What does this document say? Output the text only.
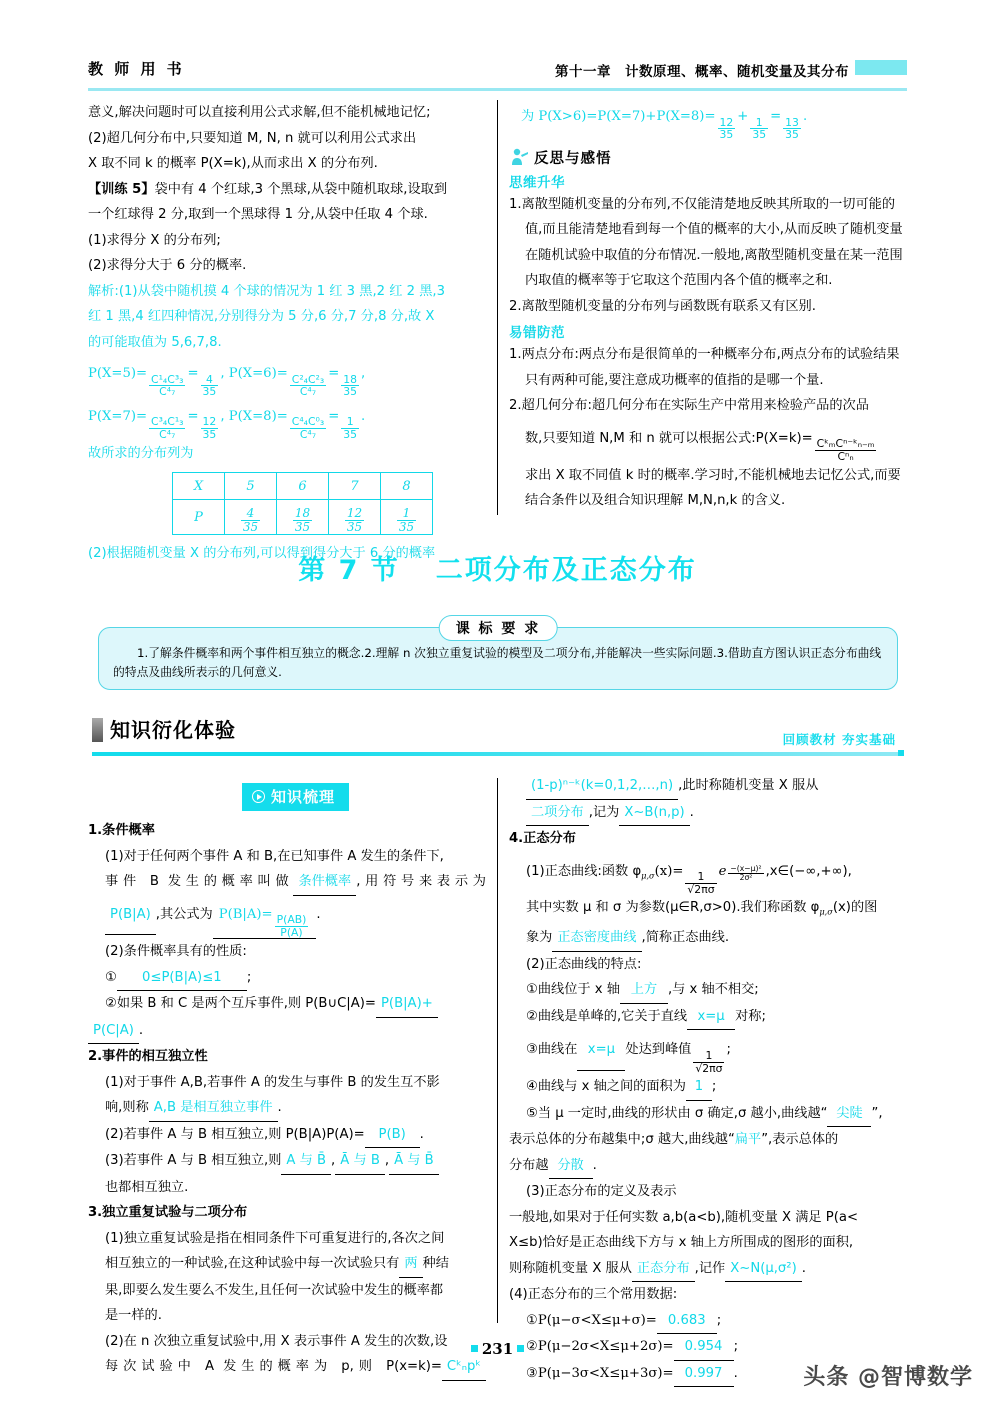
教 师 用 书	第十一章　计数原理、概率、随机变量及其分布
意义,解决问题时可以直接利用公式求解,但不能机械地记忆;
(2)超几何分布中,只要知道 M, N, n 就可以利用公式求出
X 取不同 k 的概率 P(X=k),从而求出 X 的分布列.
【训练 5】袋中有 4 个红球,3 个黑球,从袋中随机取球,设取到
一个红球得 2 分,取到一个黑球得 1 分,从袋中任取 4 个球.
(1)求得分 X 的分布列;
(2)求得分大于 6 分的概率.
解析:(1)从袋中随机摸 4 个球的情况为 1 红 3 黑,2 红 2 黑,3
红 1 黑,4 红四种情况,分别得分为 5 分,6 分,7 分,8 分,故 X
的可能取值为 5,6,7,8.
P(X=5)=
$\frac{\text{C¹₄C³₃}}{\text{C⁴₇}}$
=
$\frac{4}{35}$
, P(X=6)=
$\frac{\text{C²₄C²₃}}{\text{C⁴₇}}$
=
$\frac{18}{35}$
,
P(X=7)=
$\frac{\text{C³₄C¹₃}}{\text{C⁴₇}}$
=
$\frac{12}{35}$
, P(X=8)=
$\frac{\text{C⁴₄C⁰₃}}{\text{C⁴₇}}$
=
$\frac{1}{35}$
.
故所求的分布列为
X	5	6	7	8
P	$\frac{4}{35}$	$\frac{18}{35}$	$\frac{12}{35}$	$\frac{1}{35}$
(2)根据随机变量 X 的分布列,可以得到得分大于 6 分的概率
为 P(X>6)=P(X=7)+P(X=8)=
$\frac{12}{35}$
+
$\frac{1}{35}$
=
$\frac{13}{35}$
.
反思与感悟
思维升华
1.离散型随机变量的分布列,不仅能清楚地反映其所取的一切可能的值,而且能清楚地看到每一个值的概率的大小,从而反映了随机变量在随机试验中取值的分布情况.一般地,离散型随机变量在某一范围内取值的概率等于它取这个范围内各个值的概率之和.
2.离散型随机变量的分布列与函数既有联系又有区别.
易错防范
1.两点分布:两点分布是很简单的一种概率分布,两点分布的试验结果只有两种可能,要注意成功概率的值指的是哪一个量.
2.超几何分布:超几何分布在实际生产中常用来检验产品的次品
数,只要知道 N,M 和 n 就可以根据公式:P(X=k)=
$\frac{\text{CᵏₘCⁿ⁻ᵏₙ₋ₘ}}{\text{Cⁿₙ}}$
求出 X 取不同值 k 时的概率.学习时,不能机械地去记忆公式,而要结合条件以及组合知识理解 M,N,n,k 的含义.
第 7 节 二项分布及正态分布
课 标 要 求

1.了解条件概率和两个事件相互独立的概念.2.理解 n 次独立重复试验的模型及二项分布,并能解决一些实际问题.3.借助直方图认识正态分布曲线的特点及曲线所表示的几何意义.

知识衍化体验	回顾教材 夯实基础
知识梳理
1.条件概率
(1)对于任何两个事件 A 和 B,在已知事件 A 发生的条件下,
事件 B 发生的概率叫做 条件概率 ,用符号来表示为
P(B|A) ,其公式为 P(B|A)=
$\frac{P(AB)}{P(A)}$
.
(2)条件概率具有的性质:
① 0≤P(B|A)≤1 ;
②如果 B 和 C 是两个互斥事件,则 P(B∪C|A)= P(B|A)+
P(C|A) .
2.事件的相互独立性
(1)对于事件 A,B,若事件 A 的发生与事件 B 的发生互不影
响,则称 A,B 是相互独立事件 .
(2)若事件 A 与 B 相互独立,则 P(B|A)P(A)= P(B) .
(3)若事件 A 与 B 相互独立,则 A 与 B̄ , Ā 与 B , Ā 与 B̄
也都相互独立.
3.独立重复试验与二项分布
(1)独立重复试验是指在相同条件下可重复进行的,各次之间
相互独立的一种试验,在这种试验中每一次试验只有 两 种结
果,即要么发生要么不发生,且任何一次试验中发生的概率都
是一样的.
(2)在 n 次独立重复试验中,用 X 表示事件 A 发生的次数,设
每次试验中 A 发生的概率为 p,则 P(x=k)= Cᵏₙpᵏ
(1-p)ⁿ⁻ᵏ(k=0,1,2,…,n) ,此时称随机变量 X 服从
二项分布 ,记为 X~B(n,p) .
4.正态分布
(1)正态曲线:函数 $\varphi_{\mu,\sigma}(x)=$
$\frac{1}{√2\pi\sigma}$
e $\frac{\text{−(x−μ)²}}{\text{2σ²}}$ ,x∈(−∞,+∞),
其中实数 μ 和 σ 为参数(μ∈R,σ>0).我们称函数 $\varphi_{\mu,\sigma}(x)$的图
象为 正态密度曲线 ,简称正态曲线.
(2)正态曲线的特点:
①曲线位于 x 轴 上方 ,与 x 轴不相交;
②曲线是单峰的,它关于直线 x=μ 对称;
③曲线在 x=μ 处达到峰值
$\frac{1}{√2\pi\sigma}$
;
④曲线与 x 轴之间的面积为 1 ;
⑤当 μ 一定时,曲线的形状由 σ 确定,σ 越小,曲线越“ 尖陡 ”,
表示总体的分布越集中;σ 越大,曲线越“扁平”,表示总体的
分布越 分散 .
(3)正态分布的定义及表示
一般地,如果对于任何实数 a,b(a<b),随机变量 X 满足 P(a<
X≤b)恰好是正态曲线下方与 x 轴上方所围成的图形的面积,
则称随机变量 X 服从 正态分布 ,记作 X~N(μ,σ²) .
(4)正态分布的三个常用数据:
①P(μ−σ<X≤μ+σ)= 0.683 ;
②P(μ−2σ<X≤μ+2σ)= 0.954 ;
③P(μ−3σ<X≤μ+3σ)= 0.997 .
231
头条 @智博数学
